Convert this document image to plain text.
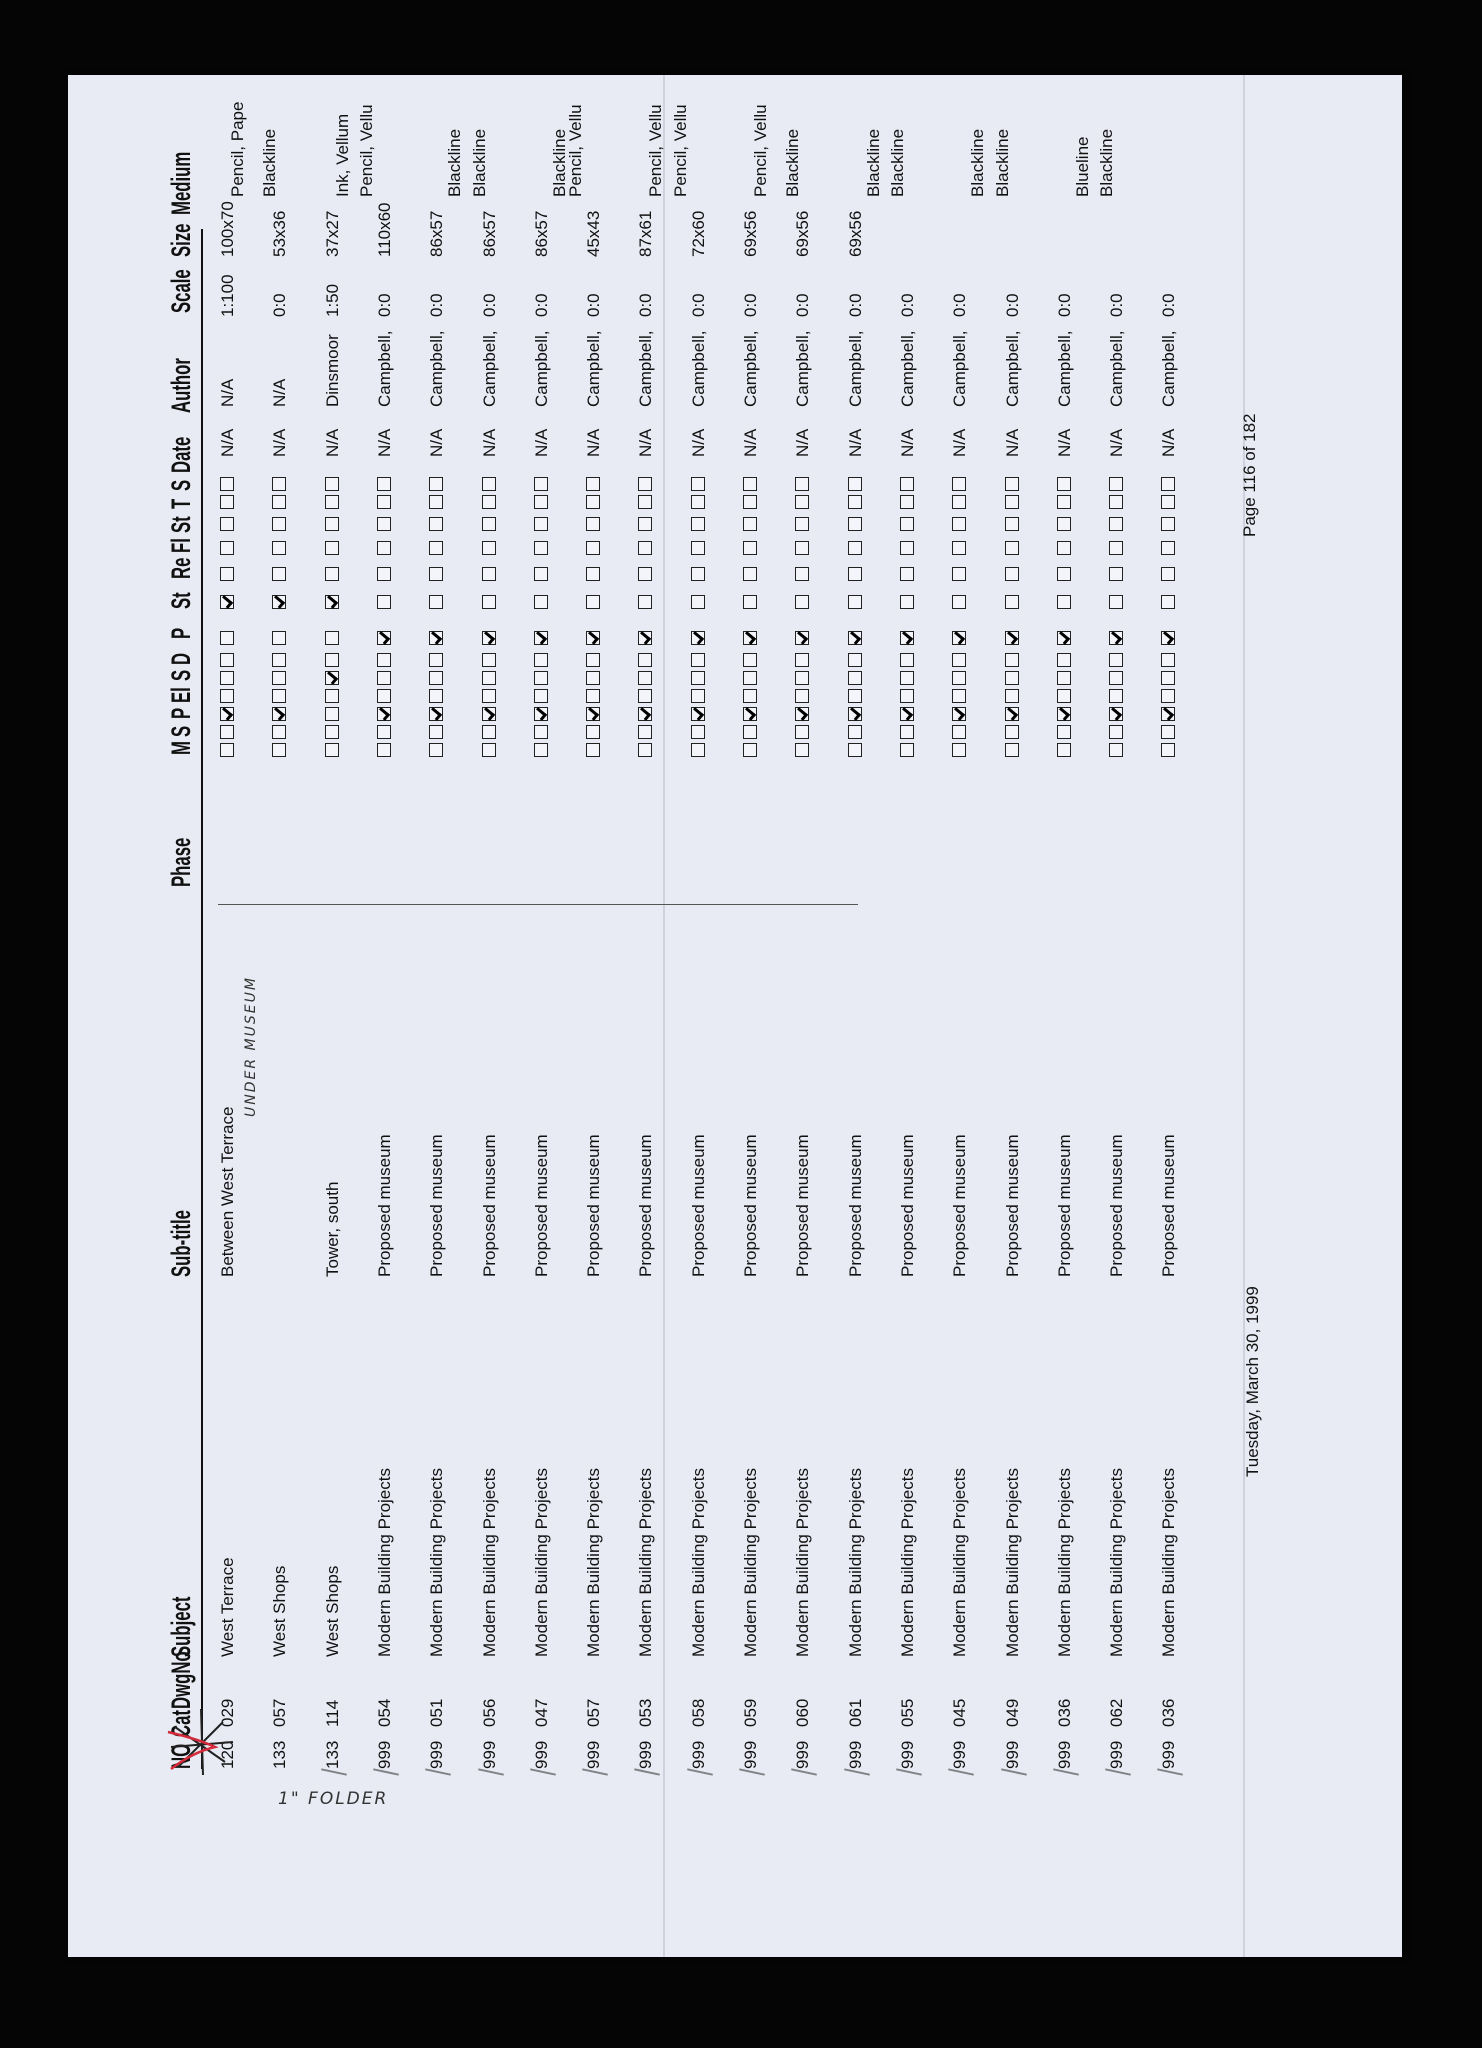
NO
Cat
DwgNo
Subject
Sub-title
Phase
M
S
P
El
S
D
P
St
Re
Fl
St
T
S
Date
Author
Scale
Size
Medium
120
029
West Terrace
Between West Terrace
N/A
N/A
1:100
100x70
Pencil, Pape
133
057
West Shops
N/A
N/A
0:0
53x36
Blackline
133
114
West Shops
Tower, south
N/A
Dinsmoor
1:50
37x27
Ink, Vellum
999
054
Modern Building Projects
Proposed museum
N/A
Campbell,
0:0
110x60
Pencil, Vellu
999
051
Modern Building Projects
Proposed museum
N/A
Campbell,
0:0
86x57
Blackline
999
056
Modern Building Projects
Proposed museum
N/A
Campbell,
0:0
86x57
Blackline
999
047
Modern Building Projects
Proposed museum
N/A
Campbell,
0:0
86x57
Blackline
999
057
Modern Building Projects
Proposed museum
N/A
Campbell,
0:0
45x43
Pencil, Vellu
999
053
Modern Building Projects
Proposed museum
N/A
Campbell,
0:0
87x61
Pencil, Vellu
999
058
Modern Building Projects
Proposed museum
N/A
Campbell,
0:0
72x60
Pencil, Vellu
999
059
Modern Building Projects
Proposed museum
N/A
Campbell,
0:0
69x56
Pencil, Vellu
999
060
Modern Building Projects
Proposed museum
N/A
Campbell,
0:0
69x56
Blackline
999
061
Modern Building Projects
Proposed museum
N/A
Campbell,
0:0
69x56
Blackline
999
055
Modern Building Projects
Proposed museum
N/A
Campbell,
0:0
Blackline
999
045
Modern Building Projects
Proposed museum
N/A
Campbell,
0:0
Blackline
999
049
Modern Building Projects
Proposed museum
N/A
Campbell,
0:0
Blackline
999
036
Modern Building Projects
Proposed museum
N/A
Campbell,
0:0
Blueline
999
062
Modern Building Projects
Proposed museum
N/A
Campbell,
0:0
Blackline
999
036
Modern Building Projects
Proposed museum
N/A
Campbell,
0:0
UNDER MUSEUM
1" FOLDER
Tuesday, March 30, 1999
Page 116 of 182
